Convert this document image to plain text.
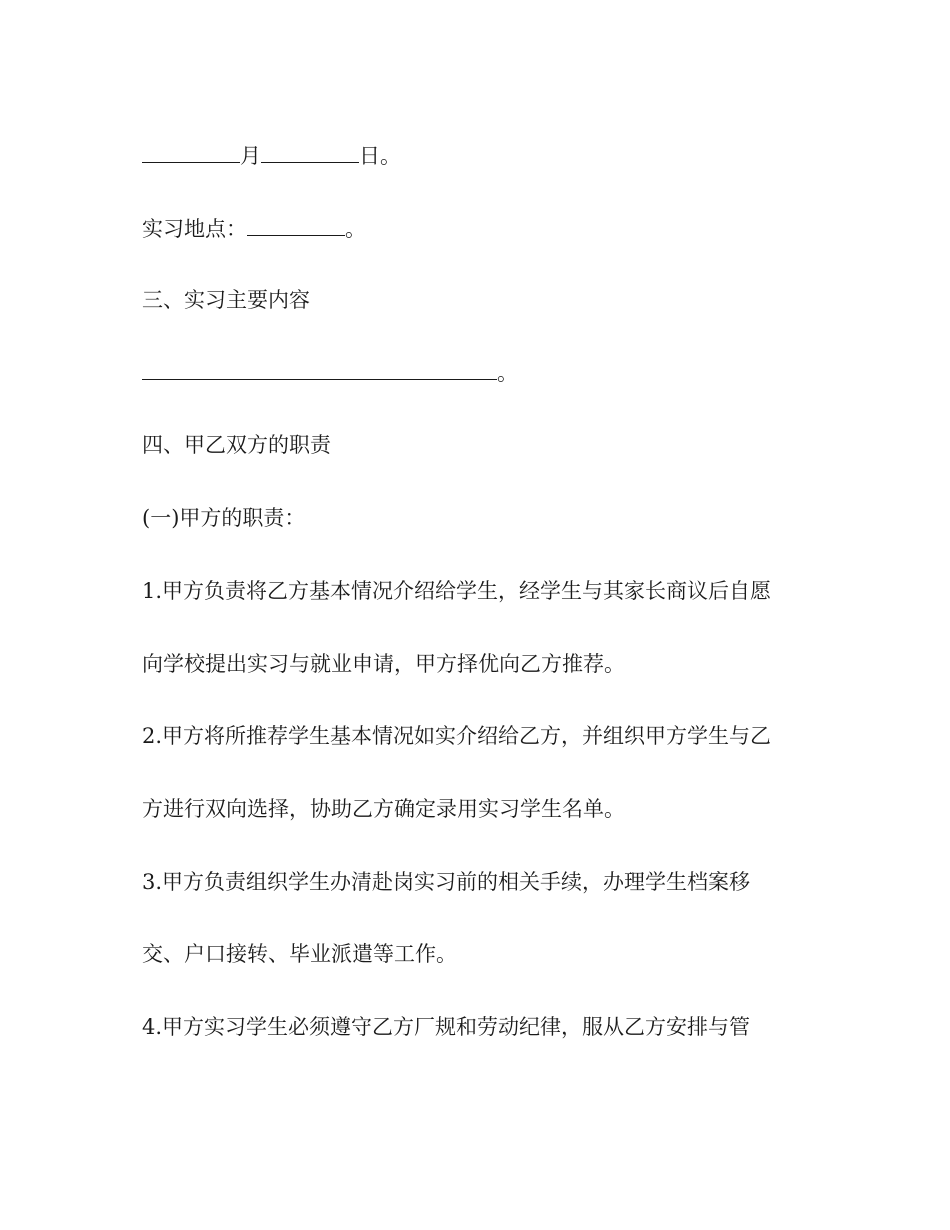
月	日。

实习地点：	。

三、实习主要内容

。

四、甲乙双方的职责

(一)甲方的职责：

1.甲方负责将乙方基本情况介绍给学生，经学生与其家长商议后自愿

向学校提出实习与就业申请，甲方择优向乙方推荐。

2.甲方将所推荐学生基本情况如实介绍给乙方，并组织甲方学生与乙

方进行双向选择，协助乙方确定录用实习学生名单。

3.甲方负责组织学生办清赴岗实习前的相关手续，办理学生档案移

交、户口接转、毕业派遣等工作。

4.甲方实习学生必须遵守乙方厂规和劳动纪律，服从乙方安排与管
